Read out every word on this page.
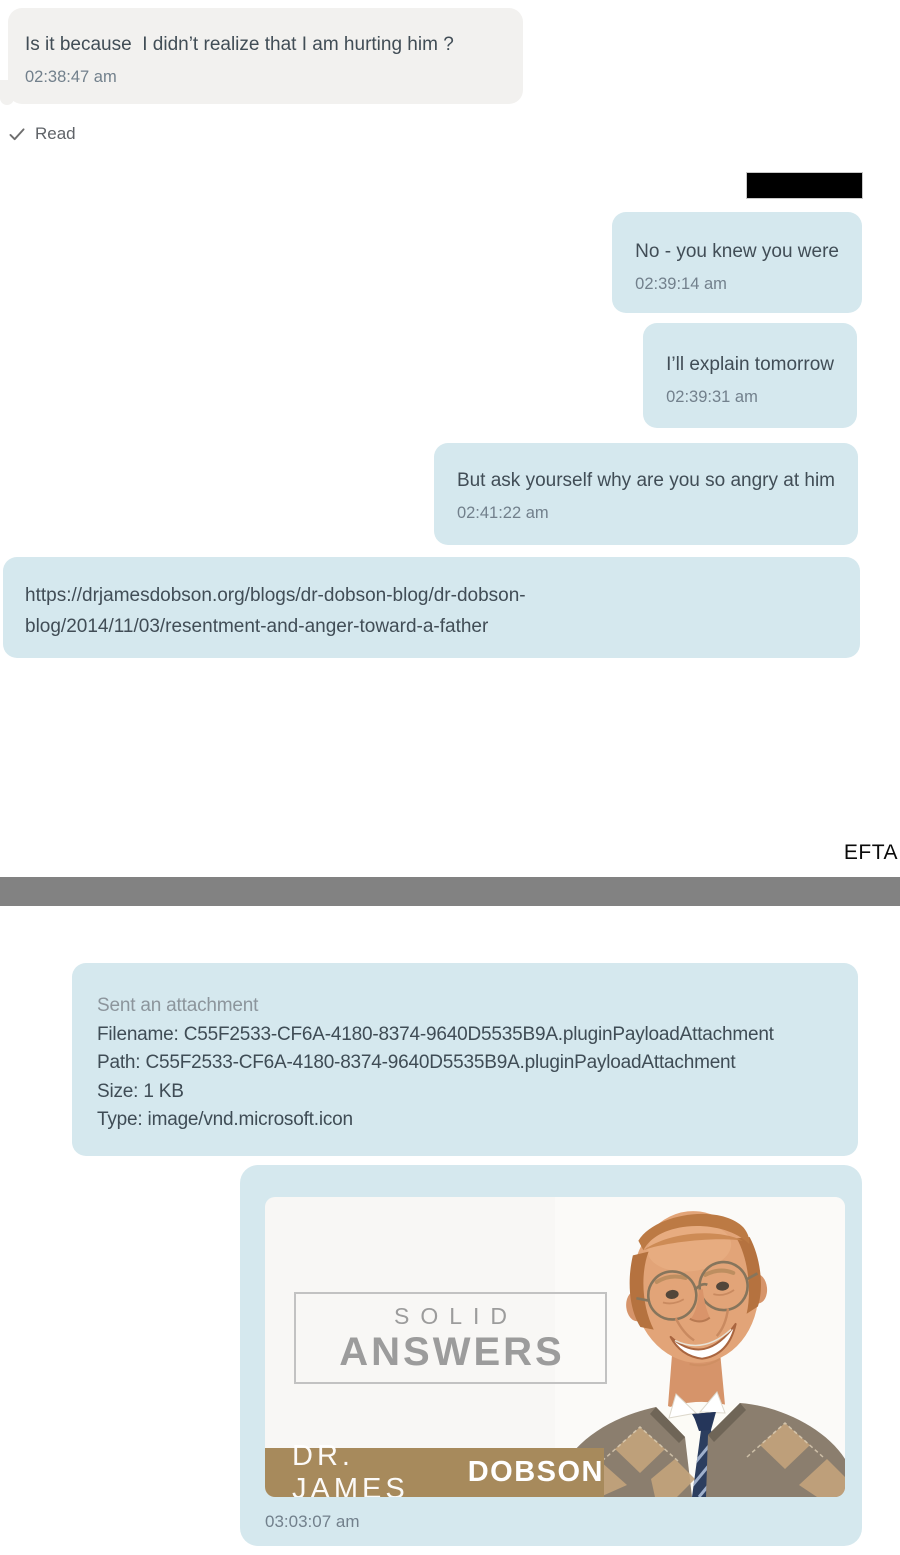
Is it because  I didn’t realize that I am hurting him ?
02:38:47 am
Read
No - you knew you were
02:39:14 am
I’ll explain tomorrow
02:39:31 am
But ask yourself why are you so angry at him
02:41:22 am
https://drjamesdobson.org/blogs/dr-dobson-blog/dr-dobson-
blog/2014/11/03/resentment-and-anger-toward-a-father
EFTA
Sent an attachment
Filename: C55F2533-CF6A-4180-8374-9640D5535B9A.pluginPayloadAttachment
Path: C55F2533-CF6A-4180-8374-9640D5535B9A.pluginPayloadAttachment
Size: 1 KB
Type: image/vnd.microsoft.icon
SOLID
ANSWERS
DR. JAMES
DOBSON
03:03:07 am
